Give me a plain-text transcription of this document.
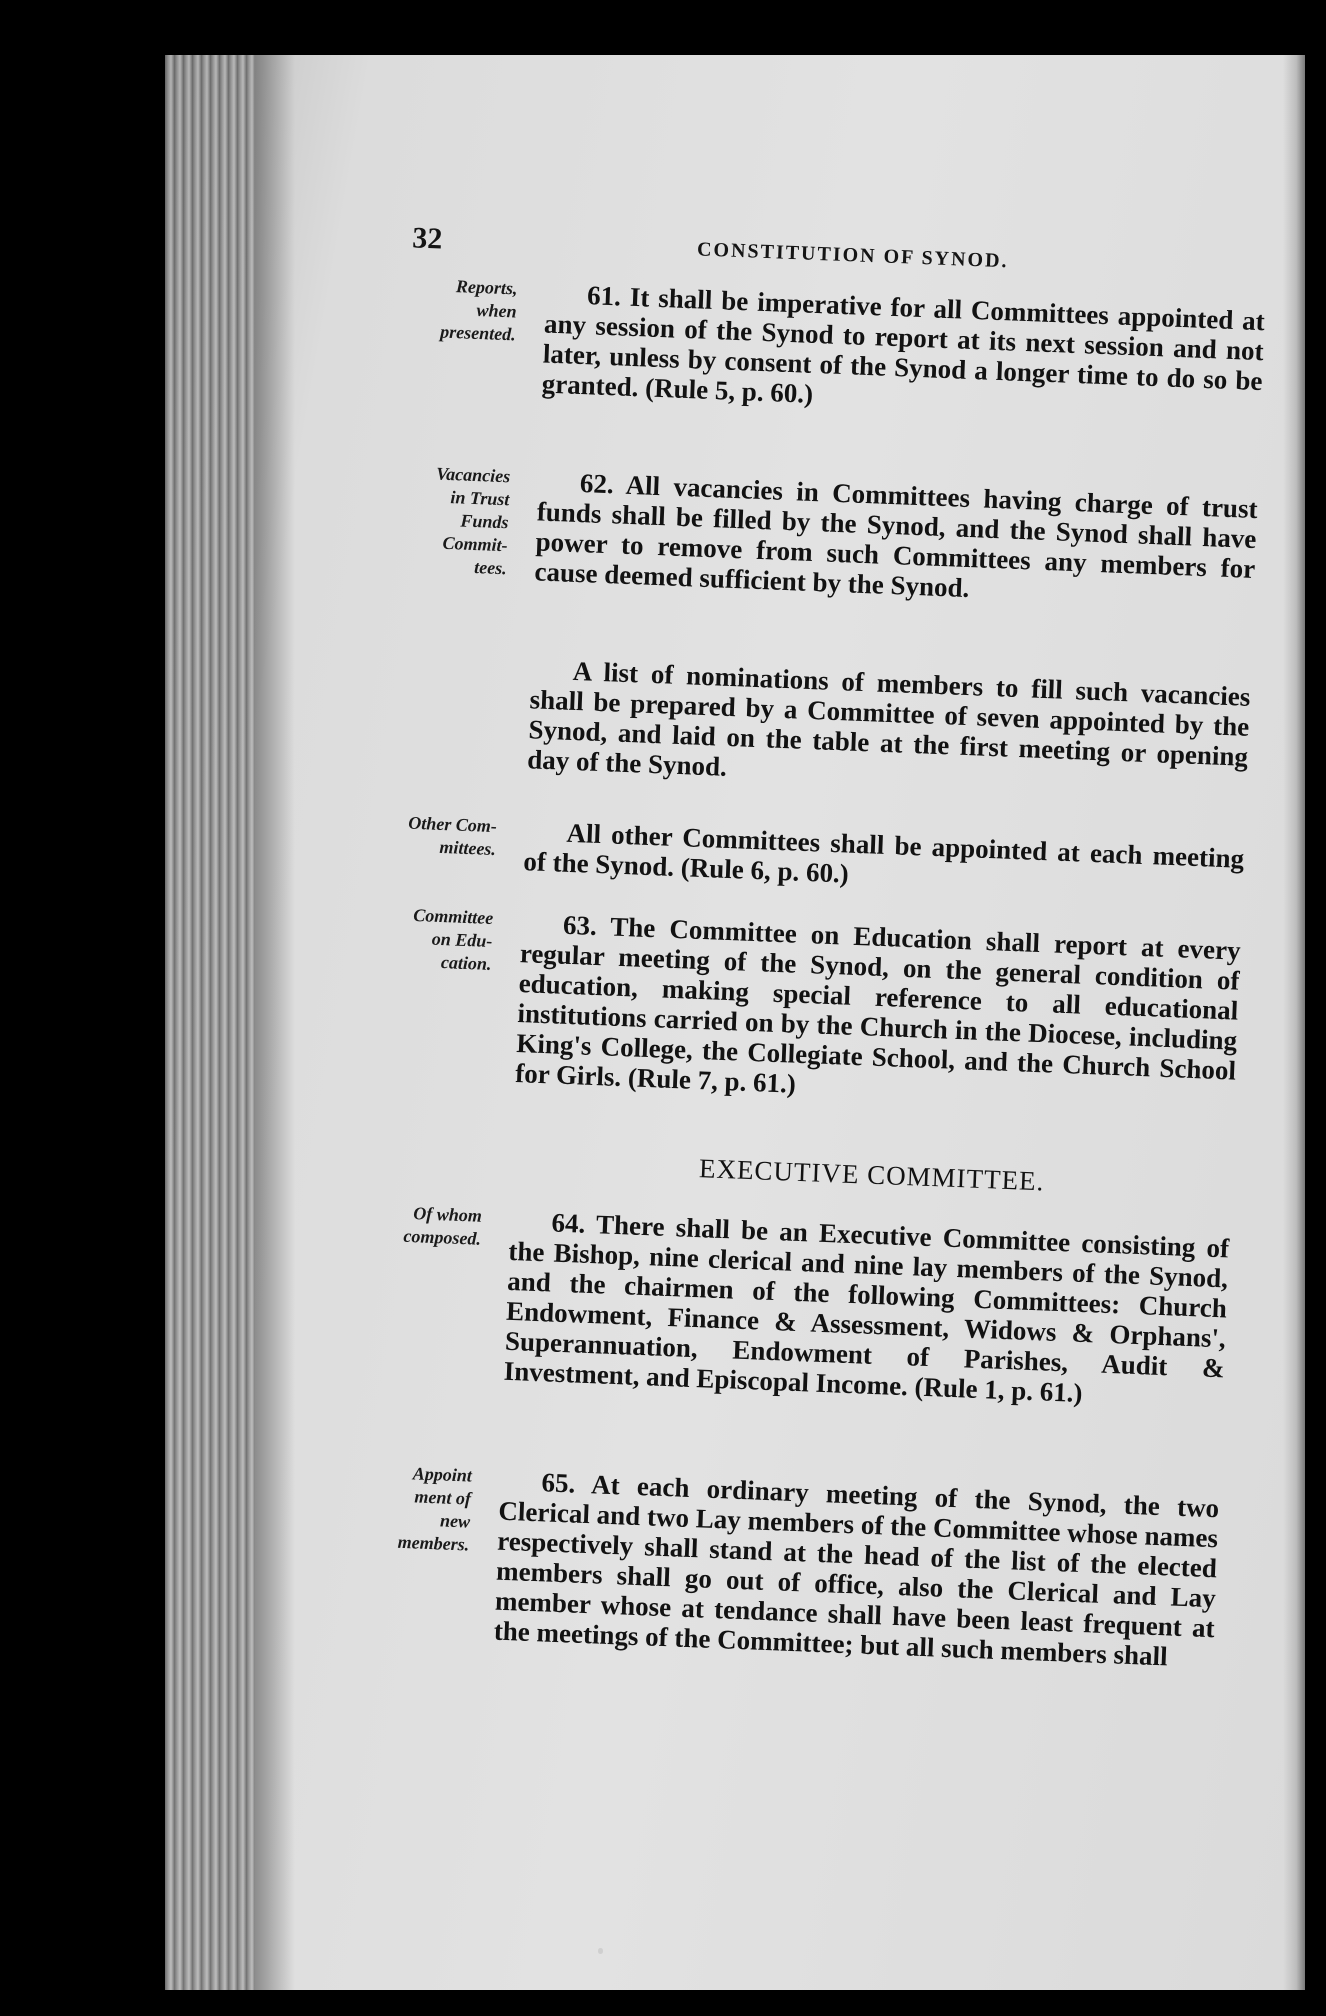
32	CONSTITUTION OF SYNOD.
Reports,
when
presented.	61. It shall be imperative for all Committees appointed at any session of the Synod to report at its next session and not later, unless by consent of the Synod a longer time to do so be granted. (Rule 5, p. 60.)
Vacancies
in Trust
Funds
Commit-
tees.
62. All vacancies in Committees having charge of trust funds shall be filled by the Synod, and the Synod shall have power to remove from such Committees any members for cause deemed sufficient by the Synod.
A list of nominations of members to fill such vacancies shall be prepared by a Committee of seven appointed by the Synod, and laid on the table at the first meeting or opening day of the Synod.
Other Com-
mittees.	All other Committees shall be appointed at each meeting of the Synod. (Rule 6, p. 60.)
Committee
on Edu-
cation.	63. The Committee on Education shall report at every regular meeting of the Synod, on the general condition of education, making special reference to all educational institutions carried on by the Church in the Diocese, including King's College, the Collegiate School, and the Church School for Girls. (Rule 7, p. 61.)
EXECUTIVE COMMITTEE.
Of whom
composed.	64. There shall be an Executive Committee consisting of the Bishop, nine clerical and nine lay members of the Synod, and the chairmen of the following Committees: Church Endowment, Finance & Assessment, Widows & Orphans', Superannuation, Endowment of Parishes, Audit & Investment, and Episcopal Income. (Rule 1, p. 61.)
Appoint
ment of
new
members.
65. At each ordinary meeting of the Synod, the two Clerical and two Lay members of the Committee whose names respectively shall stand at the head of the list of the elected members shall go out of office, also the Clerical and Lay member whose at tendance shall have been least frequent at the meetings of the Committee; but all such members shall
